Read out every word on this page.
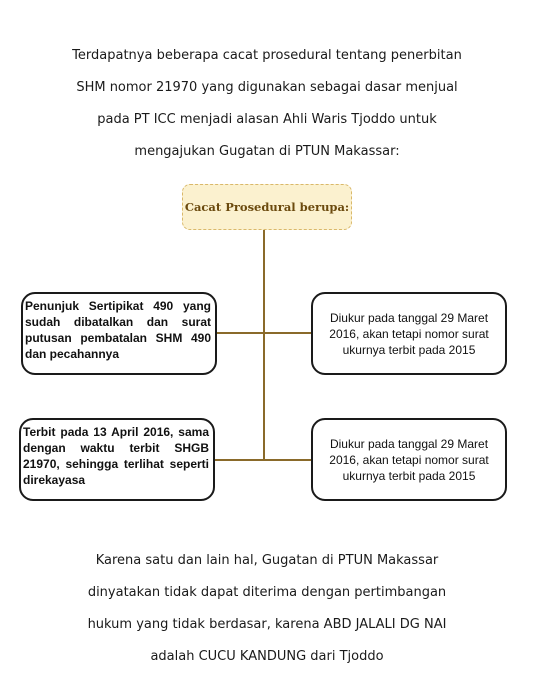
Terdapatnya beberapa cacat prosedural tentang penerbitan
SHM nomor 21970 yang digunakan sebagai dasar menjual
pada PT ICC menjadi alasan Ahli Waris Tjoddo untuk
mengajukan Gugatan di PTUN Makassar:
Cacat Prosedural berupa:
Penunjuk Sertipikat 490 yang sudah dibatalkan dan surat putusan pembatalan SHM 490 dan pecahannya
Diukur pada tanggal 29 Maret 2016, akan tetapi nomor surat ukurnya terbit pada 2015
Terbit pada 13 April 2016, sama dengan waktu terbit SHGB 21970, sehingga terlihat seperti direkayasa
Diukur pada tanggal 29 Maret 2016, akan tetapi nomor surat ukurnya terbit pada 2015
Karena satu dan lain hal, Gugatan di PTUN Makassar
dinyatakan tidak dapat diterima dengan pertimbangan
hukum yang tidak berdasar, karena ABD JALALI DG NAI
adalah CUCU KANDUNG dari Tjoddo
